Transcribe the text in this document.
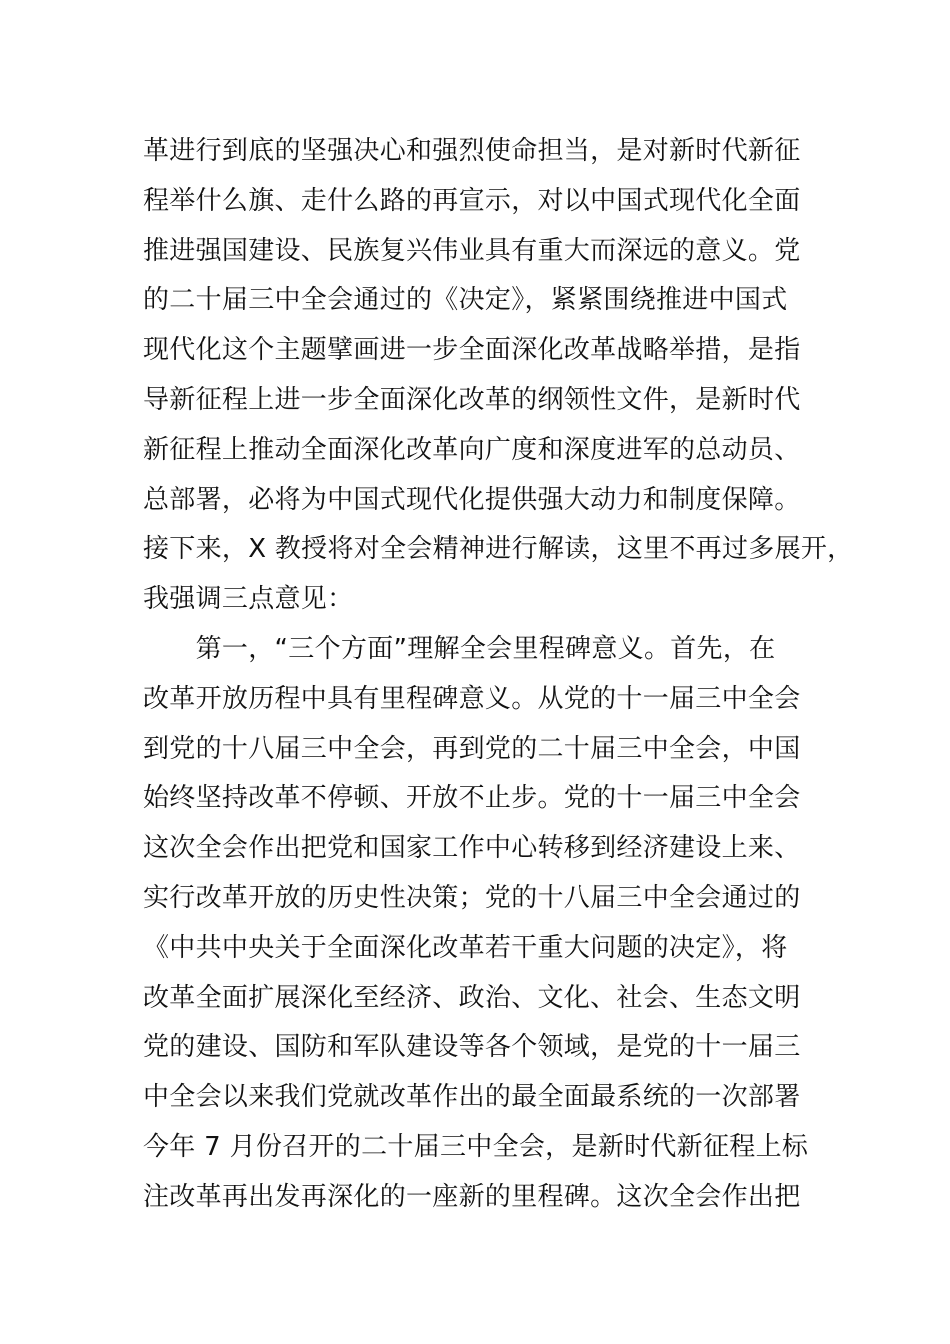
革进行到底的坚强决心和强烈使命担当，是对新时代新征
程举什么旗、走什么路的再宣示，对以中国式现代化全面
推进强国建设、民族复兴伟业具有重大而深远的意义。党
的二十届三中全会通过的《决定》，紧紧围绕推进中国式
现代化这个主题擘画进一步全面深化改革战略举措，是指
导新征程上进一步全面深化改革的纲领性文件，是新时代
新征程上推动全面深化改革向广度和深度进军的总动员、
总部署，必将为中国式现代化提供强大动力和制度保障。
接下来，X 教授将对全会精神进行解读，这里不再过多展开，
我强调三点意见：
　　第一，“三个方面”理解全会里程碑意义。首先，在
改革开放历程中具有里程碑意义。从党的十一届三中全会
到党的十八届三中全会，再到党的二十届三中全会，中国
始终坚持改革不停顿、开放不止步。党的十一届三中全会
这次全会作出把党和国家工作中心转移到经济建设上来、
实行改革开放的历史性决策；党的十八届三中全会通过的
《中共中央关于全面深化改革若干重大问题的决定》，将
改革全面扩展深化至经济、政治、文化、社会、生态文明
党的建设、国防和军队建设等各个领域，是党的十一届三
中全会以来我们党就改革作出的最全面最系统的一次部署
今年 7 月份召开的二十届三中全会，是新时代新征程上标
注改革再出发再深化的一座新的里程碑。这次全会作出把
